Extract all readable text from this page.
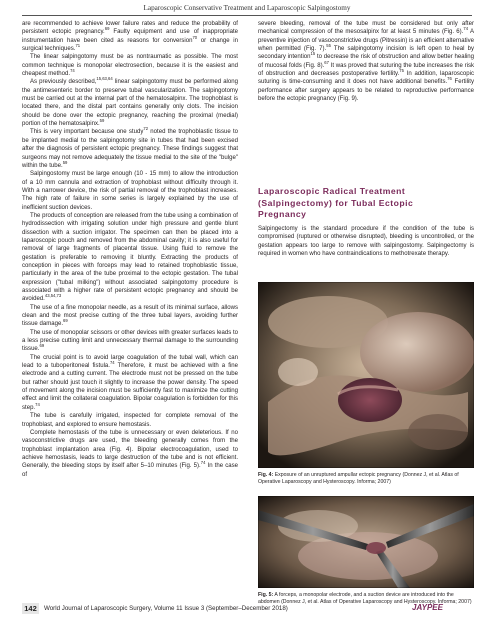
Laparoscopic Conservative Treatment and Laparoscopic Salpingostomy

are recommended to achieve lower failure rates and reduce the probability of persistent ectopic pregnancy.$^{69}$ Faulty equipment and use of inappropriate instrumentation have been cited as reasons for conversion$^{70}$ or change in surgical techniques.$^{71}$

The linear salpingotomy must be as nontraumatic as possible. The most common technique is monopolar electrosection, because it is the easiest and cheapest method.$^{74}$

As previously described,$^{15,63,64}$ linear salpingotomy must be performed along the antimesenteric border to preserve tubal vascularization. The salpingotomy must be carried out at the internal part of the hematosalpinx. The trophoblast is located there, and the distal part contains generally only clots. The incision should be done over the ectopic pregnancy, reaching the proximal (medial) portion of the hematosalpinx.$^{59}$

This is very important because one study$^{72}$ noted the trophoblastic tissue to be implanted medial to the salpingotomy site in tubes that had been excised after the diagnosis of persistent ectopic pregnancy. These findings suggest that surgeons may not remove adequately the tissue medial to the site of the "bulge" within the tube.$^{59}$

Salpingostomy must be large enough (10 - 15 mm) to allow the introduction of a 10 mm cannula and extraction of trophoblast without difficulty through it. With a narrower device, the risk of partial removal of the trophoblast increases. The high rate of failure in some series is largely explained by the use of inefficient suction devices.

The products of conception are released from the tube using a combination of hydrodissection with irrigating solution under high pressure and gentle blunt dissection with a suction irrigator. The specimen can then be placed into a laparoscopic pouch and removed from the abdominal cavity; it is also useful for removal of large fragments of placental tissue. Using fluid to remove the gestation is preferable to removing it bluntly. Extracting the products of conception in pieces with forceps may lead to retained trophoblastic tissue, particularly in the area of the tube proximal to the ectopic gestation. The tubal expression ("tubal milking") without associated salpingotomy procedure is associated with a higher rate of persistent ectopic pregnancy and should be avoided.$^{43,54,73}$

The use of a fine monopolar needle, as a result of its minimal surface, allows clean and the most precise cutting of the three tubal layers, avoiding further tissue damage.$^{69}$

The use of monopolar scissors or other devices with greater surfaces leads to a less precise cutting limit and unnecessary thermal damage to the surrounding tissue.$^{69}$

The crucial point is to avoid large coagulation of the tubal wall, which can lead to a tuboperitoneal fistula.$^{74}$ Therefore, it must be achieved with a fine electrode and a cutting current. The electrode must not be pressed on the tube but rather should just touch it slightly to increase the power density. The speed of movement along the incision must be sufficiently fast to maximize the cutting effect and limit the collateral coagulation. Bipolar coagulation is forbidden for this step.$^{74}$

The tube is carefully irrigated, inspected for complete removal of the trophoblast, and explored to ensure hemostasis.

Complete hemostasis of the tube is unnecessary or even deleterious. If no vasoconstrictive drugs are used, the bleeding generally comes from the trophoblast implantation area (Fig. 4). Bipolar electrocoagulation, used to achieve hemostasis, leads to large destruction of the tube and is not efficient. Generally, the bleeding stops by itself after 5–10 minutes (Fig. 5).$^{74}$ In the case of

severe bleeding, removal of the tube must be considered but only after mechanical compression of the mesosalpinx for at least 5 minutes (Fig. 6).$^{74}$ A preventive injection of vasoconstrictive drugs (Pitressin) is an efficient alternative when permitted (Fig. 7).$^{55}$ The salpingotomy incision is left open to heal by secondary intention$^{15}$ to decrease the risk of obstruction and allow better healing of mucosal folds (Fig. 8).$^{67}$ It was proved that suturing the tube increases the risk of obstruction and decreases postoperative fertility.$^{75}$ In addition, laparoscopic suturing is time-consuming and it does not have additional benefits.$^{76}$ Fertility performance after surgery appears to be related to reproductive performance before the ectopic pregnancy (Fig. 9).

Laparoscopic Radical Treatment
(Salpingectomy) for Tubal Ectopic
Pregnancy
Salpingectomy is the standard procedure if the condition of the tube is compromised (ruptured or otherwise disrupted), bleeding is uncontrolled, or the gestation appears too large to remove with salpingostomy. Salpingectomy is required in women who have contraindications to methotrexate therapy.
Fig. 4: Exposure of an unruptured ampullar ectopic pregnancy (Donnez J, et al. Atlas of Operative Laparoscopy and Hysteroscopy. Informa; 2007)
Fig. 5: A forceps, a monopolar electrode, and a suction device are introduced into the abdomen (Donnez J, et al. Atlas of Operative Laparoscopy and Hysteroscopy. Informa; 2007)
142	World Journal of Laparoscopic Surgery, Volume 11 Issue 3 (September–December 2018)	JAYPEE
